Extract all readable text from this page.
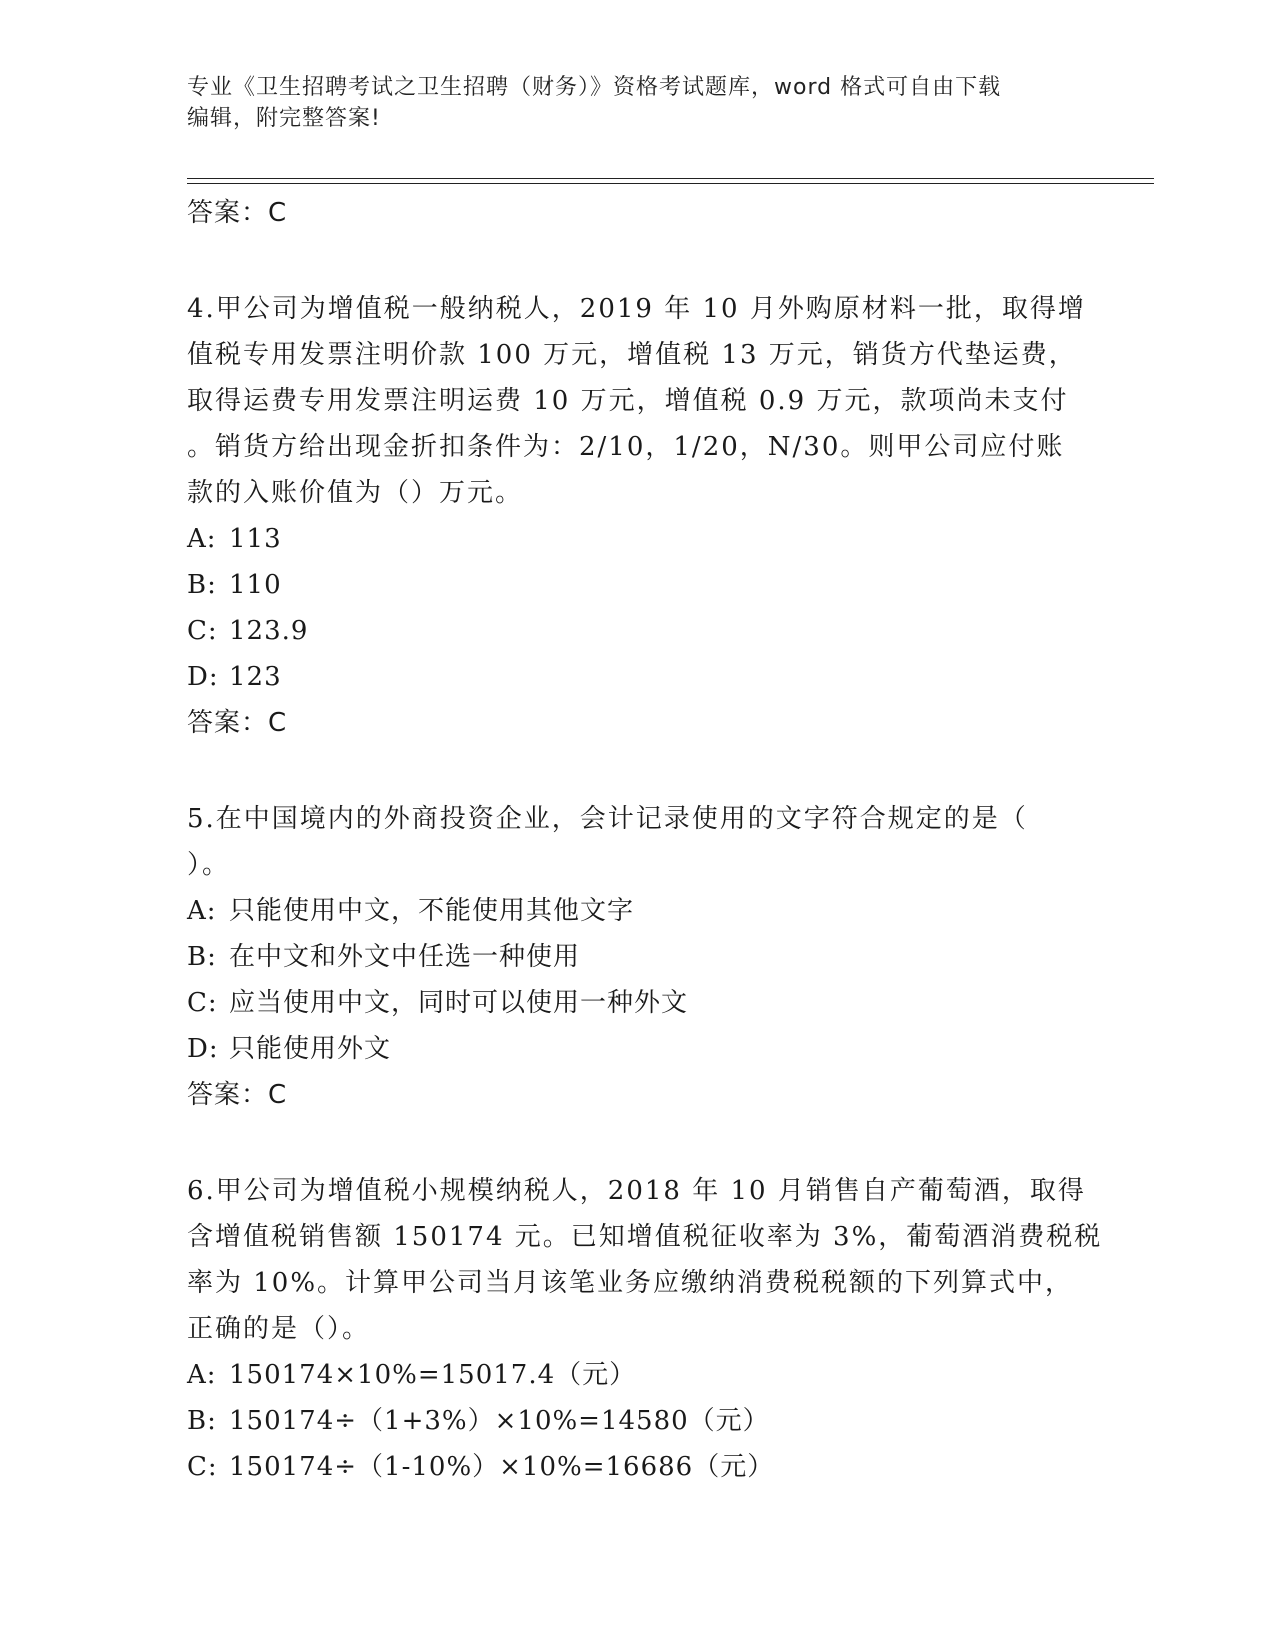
专业《卫生招聘考试之卫生招聘（财务）》资格考试题库，word 格式可自由下载
编辑，附完整答案!
答案：C
4.甲公司为增值税一般纳税人，2019 年 10 月外购原材料一批，取得增
值税专用发票注明价款 100 万元，增值税 13 万元，销货方代垫运费，
取得运费专用发票注明运费 10 万元，增值税 0.9 万元，款项尚未支付
。销货方给出现金折扣条件为：2/10，1/20，N/30。则甲公司应付账
款的入账价值为（）万元。
A: 113
B: 110
C: 123.9
D: 123
答案：C
5.在中国境内的外商投资企业，会计记录使用的文字符合规定的是（
）。
A: 只能使用中文，不能使用其他文字
B: 在中文和外文中任选一种使用
C: 应当使用中文，同时可以使用一种外文
D: 只能使用外文
答案：C
6.甲公司为增值税小规模纳税人，2018 年 10 月销售自产葡萄酒，取得
含增值税销售额 150174 元。已知增值税征收率为 3%，葡萄酒消费税税
率为 10%。计算甲公司当月该笔业务应缴纳消费税税额的下列算式中，
正确的是（）。
A: 150174×10%=15017.4（元）
B: 150174÷（1+3%）×10%=14580（元）
C: 150174÷（1-10%）×10%=16686（元）
